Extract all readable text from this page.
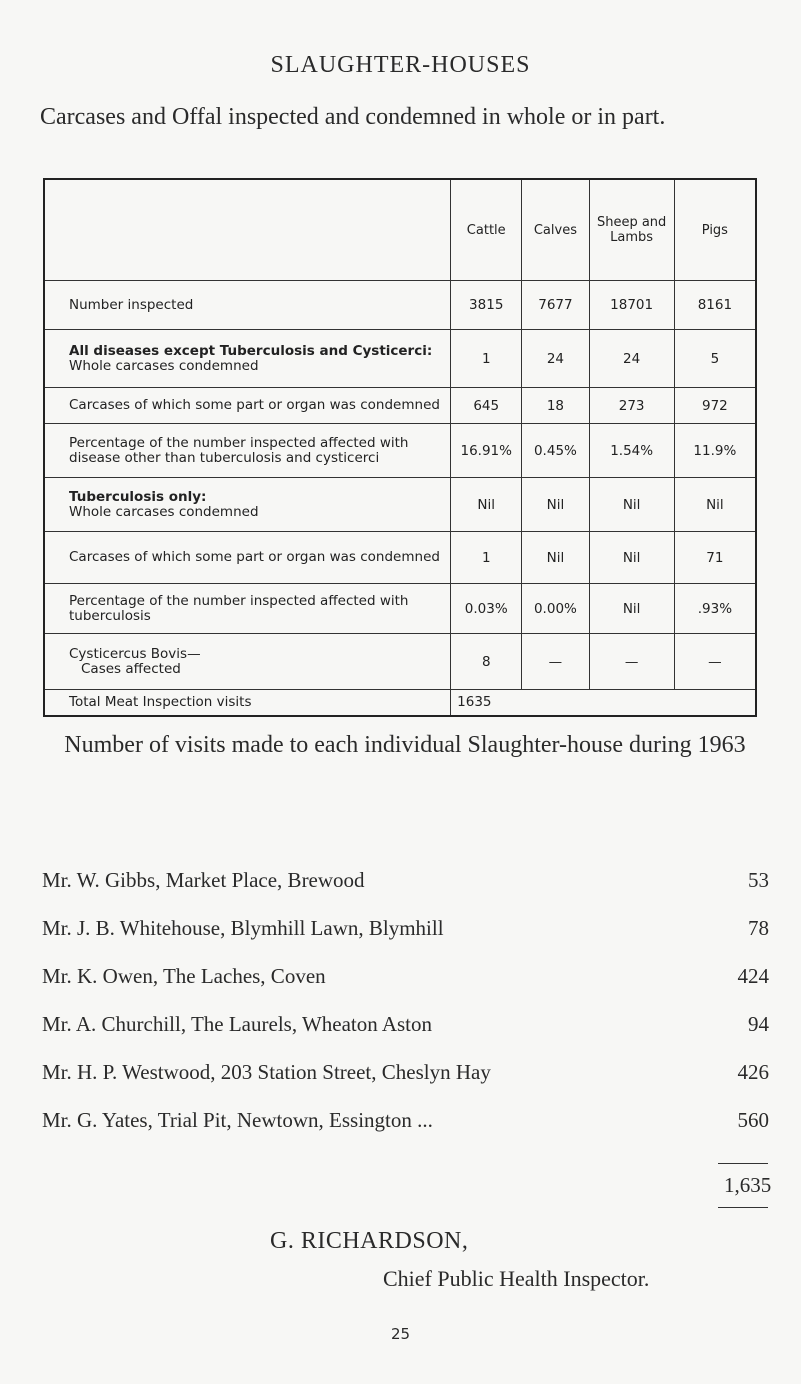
SLAUGHTER-HOUSES
Carcases and Offal inspected and condemned in whole or in part.
	Cattle	Calves	Sheep and Lambs	Pigs
Number inspected	3815	7677	18701	8161

All diseases except Tuberculosis and Cysticerci:
Whole carcases condemned	1	24	24	5
Carcases of which some part or organ was condemned	645	18	273	972
Percentage of the number inspected affected with disease other than tuberculosis and cysticerci	16.91%	0.45%	1.54%	11.9%

Tuberculosis only:
Whole carcases condemned	Nil	Nil	Nil	Nil
Carcases of which some part or organ was condemned	1	Nil	Nil	71
Percentage of the number inspected affected with tuberculosis	0.03%	0.00%	Nil	.93%

Cysticercus Bovis—
Cases affected	8	—	—	—
Total Meat Inspection visits	1635			
Number of visits made to each individual Slaughter-house during 1963
Mr. W. Gibbs, Market Place, Brewood	53
Mr. J. B. Whitehouse, Blymhill Lawn, Blymhill	78
Mr. K. Owen, The Laches, Coven	424
Mr. A. Churchill, The Laurels, Wheaton Aston	94
Mr. H. P. Westwood, 203 Station Street, Cheslyn Hay	426
Mr. G. Yates, Trial Pit, Newtown, Essington ...	560
1,635
G. RICHARDSON,
Chief Public Health Inspector.
25
